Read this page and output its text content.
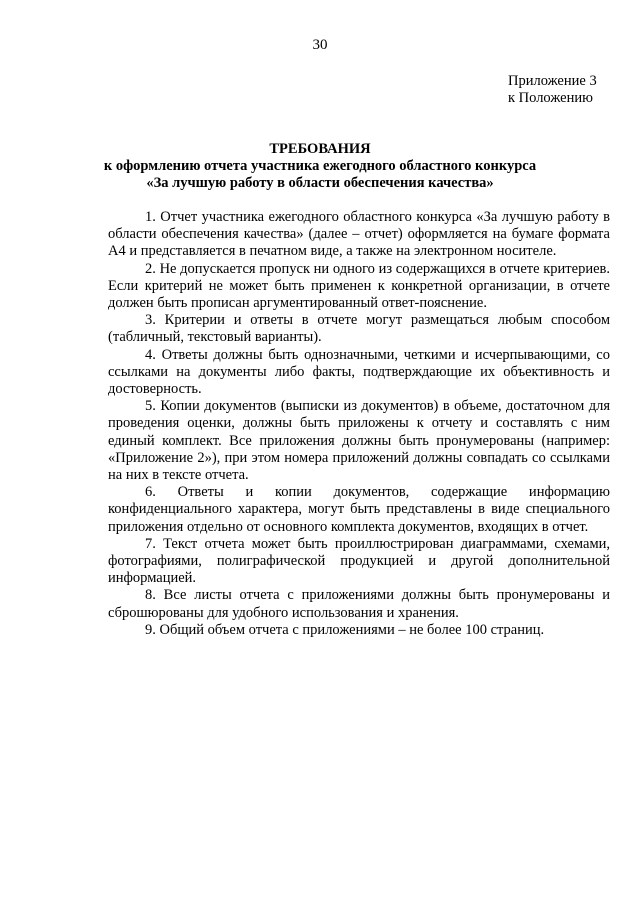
30
Приложение 3
к Положению
ТРЕБОВАНИЯ
к оформлению отчета участника ежегодного областного конкурса
«За лучшую работу в области обеспечения качества»

1. Отчет участника ежегодного областного конкурса «За лучшую работу в области обеспечения качества» (далее – отчет) оформляется на бумаге формата А4 и представляется в печатном виде, а также на электронном носителе.

2. Не допускается пропуск ни одного из содержащихся в отчете критериев. Если критерий не может быть применен к конкретной организации, в отчете должен быть прописан аргументированный ответ-пояснение.

3. Критерии и ответы в отчете могут размещаться любым способом (табличный, текстовый варианты).

4. Ответы должны быть однозначными, четкими и исчерпывающими, со ссылками на документы либо факты, подтверждающие их объективность и достоверность.

5. Копии документов (выписки из документов) в объеме, достаточном для проведения оценки, должны быть приложены к отчету и составлять с ним единый комплект. Все приложения должны быть пронумерованы (например: «Приложение 2»), при этом номера приложений должны совпадать со ссылками на них в тексте отчета.

6. Ответы и копии документов, содержащие информацию конфиденциального характера, могут быть представлены в виде специального приложения отдельно от основного комплекта документов, входящих в отчет.

7. Текст отчета может быть проиллюстрирован диаграммами, схемами, фотографиями, полиграфической продукцией и другой дополнительной информацией.

8. Все листы отчета с приложениями должны быть пронумерованы и сброшюрованы для удобного использования и хранения.

9. Общий объем отчета с приложениями – не более 100 страниц.
